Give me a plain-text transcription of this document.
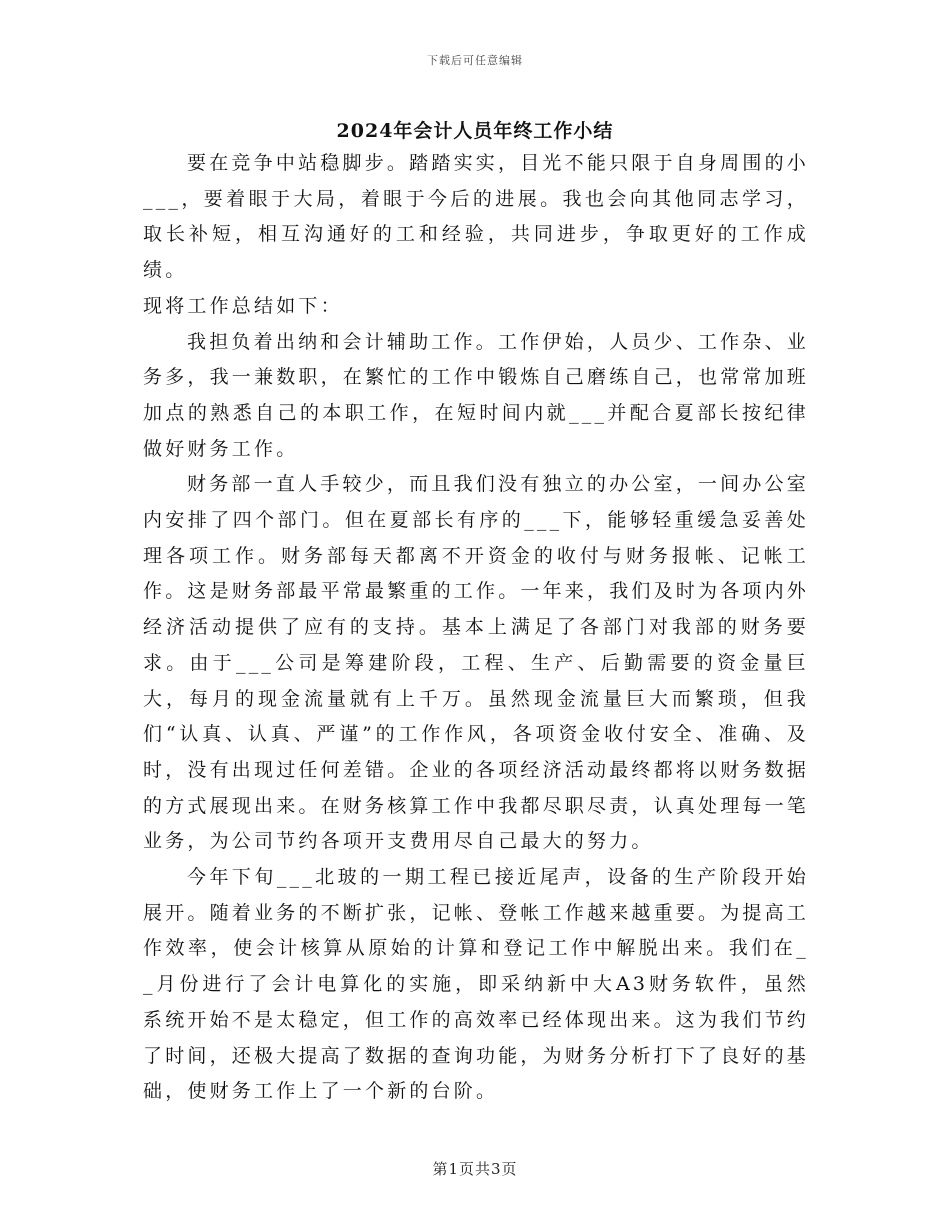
下载后可任意编辑
2024年会计人员年终工作小结

要在竞争中站稳脚步。踏踏实实，目光不能只限于自身周围的小___，要着眼于大局，着眼于今后的进展。我也会向其他同志学习，取长补短，相互沟通好的工和经验，共同进步，争取更好的工作成绩。

现将工作总结如下：

我担负着出纳和会计辅助工作。工作伊始，人员少、工作杂、业务多，我一兼数职，在繁忙的工作中锻炼自己磨练自己，也常常加班加点的熟悉自己的本职工作，在短时间内就___并配合夏部长按纪律做好财务工作。

财务部一直人手较少，而且我们没有独立的办公室，一间办公室内安排了四个部门。但在夏部长有序的___下，能够轻重缓急妥善处理各项工作。财务部每天都离不开资金的收付与财务报帐、记帐工作。这是财务部最平常最繁重的工作。一年来，我们及时为各项内外经济活动提供了应有的支持。基本上满足了各部门对我部的财务要求。由于___公司是筹建阶段，工程、生产、后勤需要的资金量巨大，每月的现金流量就有上千万。虽然现金流量巨大而繁琐，但我们“认真、认真、严谨”的工作作风，各项资金收付安全、准确、及时，没有出现过任何差错。企业的各项经济活动最终都将以财务数据的方式展现出来。在财务核算工作中我都尽职尽责，认真处理每一笔业务，为公司节约各项开支费用尽自己最大的努力。

今年下旬___北玻的一期工程已接近尾声，设备的生产阶段开始展开。随着业务的不断扩张，记帐、登帐工作越来越重要。为提高工作效率，使会计核算从原始的计算和登记工作中解脱出来。我们在__月份进行了会计电算化的实施，即采纳新中大A3财务软件，虽然系统开始不是太稳定，但工作的高效率已经体现出来。这为我们节约了时间，还极大提高了数据的查询功能，为财务分析打下了良好的基础，使财务工作上了一个新的台阶。

第1页共3页
